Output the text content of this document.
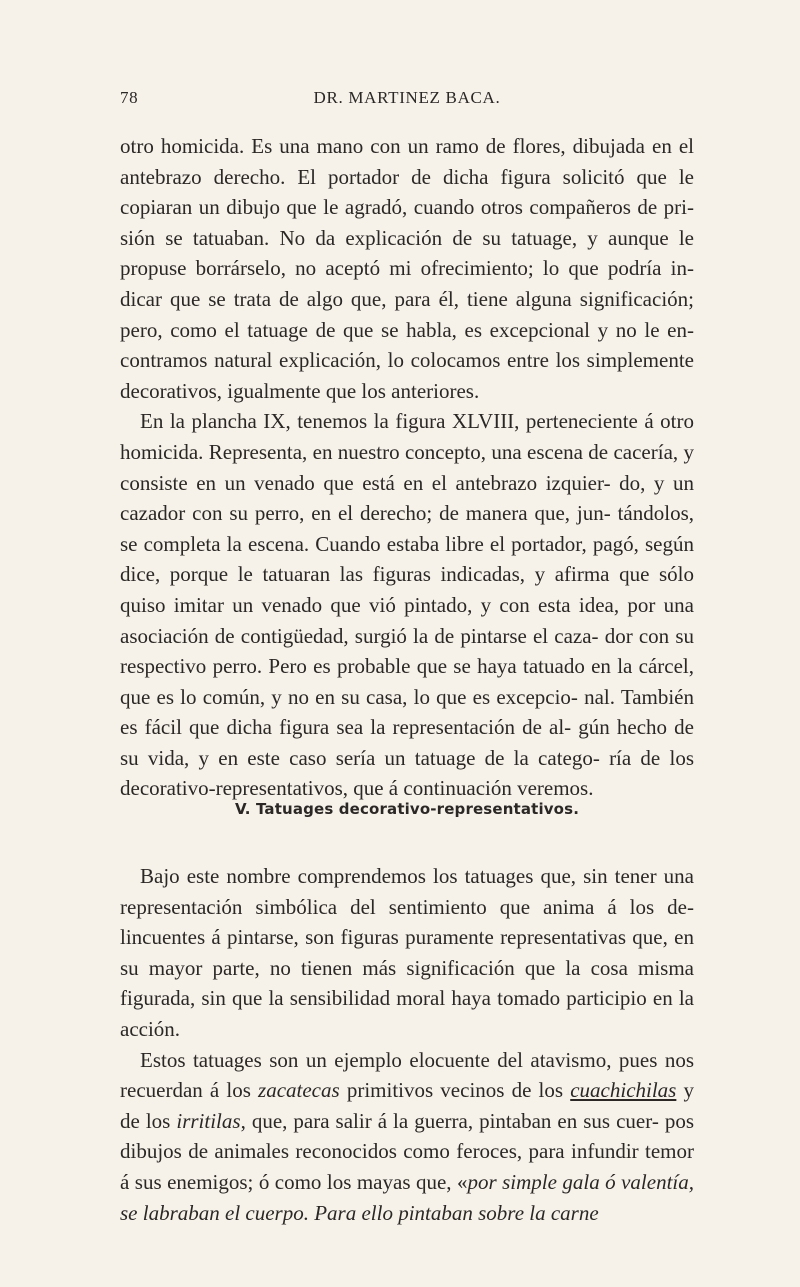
78	DR. MARTINEZ BACA.

otro homicida. Es una mano con un ramo de flores, dibujada en el antebrazo derecho. El portador de dicha figura solicitó que le copiaran un dibujo que le agradó, cuando otros compañeros de pri- sión se tatuaban. No da explicación de su tatuage, y aunque le propuse borrárselo, no aceptó mi ofrecimiento; lo que podría in- dicar que se trata de algo que, para él, tiene alguna significación; pero, como el tatuage de que se habla, es excepcional y no le en- contramos natural explicación, lo colocamos entre los simplemente decorativos, igualmente que los anteriores.

En la plancha IX, tenemos la figura XLVIII, perteneciente á otro homicida. Representa, en nuestro concepto, una escena de cacería, y consiste en un venado que está en el antebrazo izquier- do, y un cazador con su perro, en el derecho; de manera que, jun- tándolos, se completa la escena. Cuando estaba libre el portador, pagó, según dice, porque le tatuaran las figuras indicadas, y afirma que sólo quiso imitar un venado que vió pintado, y con esta idea, por una asociación de contigüedad, surgió la de pintarse el caza- dor con su respectivo perro. Pero es probable que se haya tatuado en la cárcel, que es lo común, y no en su casa, lo que es excepcio- nal. También es fácil que dicha figura sea la representación de al- gún hecho de su vida, y en este caso sería un tatuage de la catego- ría de los decorativo-representativos, que á continuación veremos.

V. Tatuages decorativo-representativos.

Bajo este nombre comprendemos los tatuages que, sin tener una representación simbólica del sentimiento que anima á los de- lincuentes á pintarse, son figuras puramente representativas que, en su mayor parte, no tienen más significación que la cosa misma figurada, sin que la sensibilidad moral haya tomado participio en la acción.

Estos tatuages son un ejemplo elocuente del atavismo, pues nos recuerdan á los zacatecas primitivos vecinos de los cuachichilas y de los irritilas, que, para salir á la guerra, pintaban en sus cuer- pos dibujos de animales reconocidos como feroces, para infundir temor á sus enemigos; ó como los mayas que, «por simple gala ó valentía, se labraban el cuerpo. Para ello pintaban sobre la carne
